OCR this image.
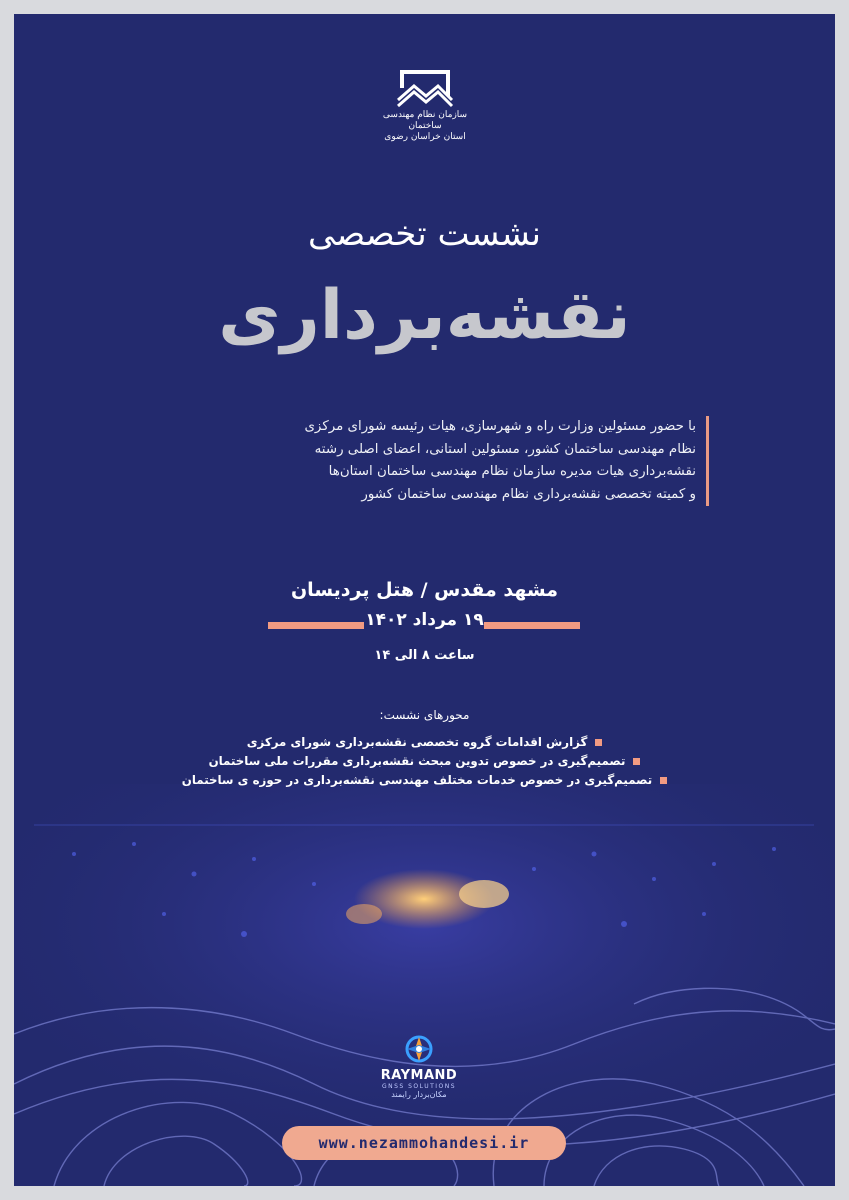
سازمان نظام مهندسی ساختمان
استان خراسان رضوی
نشست تخصصی
نقشه‌برداری
با حضور مسئولین وزارت راه و شهرسازی، هیات رئیسه شورای مرکزی
نظام مهندسی ساختمان کشور، مسئولین استانی، اعضای اصلی رشته
نقشه‌برداری هیات مدیره سازمان نظام مهندسی ساختمان استان‌ها
و کمیته تخصصی نقشه‌برداری نظام مهندسی ساختمان کشور
مشهد مقدس / هتل پردیسان
۱۹ مرداد ۱۴۰۲
ساعت ۸ الی ۱۴
محورهای نشست:
گزارش اقدامات گروه تخصصی نقشه‌برداری شورای مرکزی
تصمیم‌گیری در خصوص تدوین مبحث نقشه‌برداری مقررات ملی ساختمان
تصمیم‌گیری در خصوص خدمات مختلف مهندسی نقشه‌برداری در حوزه ی ساختمان
RAYMAND
GNSS SOLUTIONS
مکان‌بردار رایمند
www.nezammohandesi.ir
